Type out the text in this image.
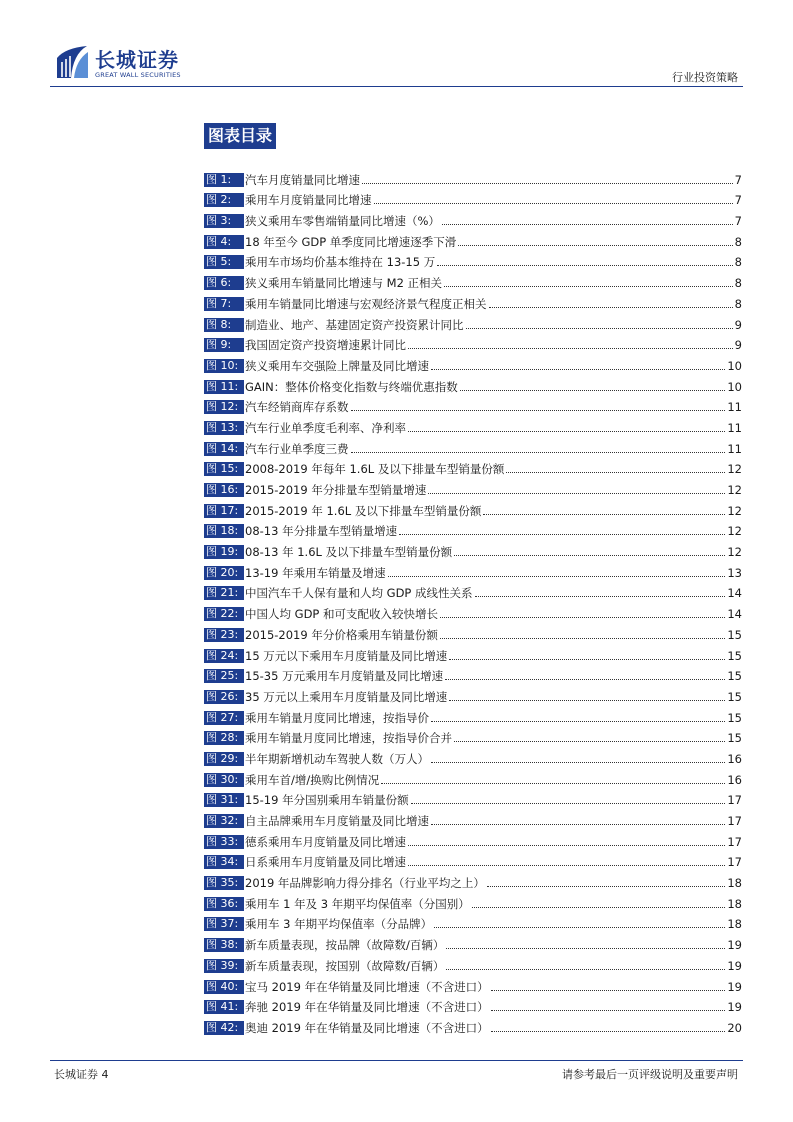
长城证券
GREAT WALL SECURITIES	行业投资策略
图表目录
图 1:	汽车月度销量同比增速	7
图 2:	乘用车月度销量同比增速	7
图 3:	狭义乘用车零售端销量同比增速（%）	7
图 4:	18 年至今 GDP 单季度同比增速逐季下滑	8
图 5:	乘用车市场均价基本维持在 13-15 万	8
图 6:	狭义乘用车销量同比增速与 M2 正相关	8
图 7:	乘用车销量同比增速与宏观经济景气程度正相关	8
图 8:	制造业、地产、基建固定资产投资累计同比	9
图 9:	我国固定资产投资增速累计同比	9
图 10: 狭义乘用车交强险上牌量及同比增速	10
图 11: GAIN：整体价格变化指数与终端优惠指数	10
图 12: 汽车经销商库存系数	11
图 13: 汽车行业单季度毛利率、净利率	11
图 14: 汽车行业单季度三费	11
图 15: 2008-2019 年每年 1.6L 及以下排量车型销量份额	12
图 16: 2015-2019 年分排量车型销量增速	12
图 17: 2015-2019 年 1.6L 及以下排量车型销量份额	12
图 18: 08-13 年分排量车型销量增速	12
图 19: 08-13 年 1.6L 及以下排量车型销量份额	12
图 20: 13-19 年乘用车销量及增速	13
图 21: 中国汽车千人保有量和人均 GDP 成线性关系	14
图 22: 中国人均 GDP 和可支配收入较快增长	14
图 23: 2015-2019 年分价格乘用车销量份额	15
图 24: 15 万元以下乘用车月度销量及同比增速	15
图 25: 15-35 万元乘用车月度销量及同比增速	15
图 26: 35 万元以上乘用车月度销量及同比增速	15
图 27: 乘用车销量月度同比增速，按指导价	15
图 28: 乘用车销量月度同比增速，按指导价合并	15
图 29: 半年期新增机动车驾驶人数（万人）	16
图 30: 乘用车首/增/换购比例情况	16
图 31: 15-19 年分国别乘用车销量份额	17
图 32: 自主品牌乘用车月度销量及同比增速	17
图 33: 德系乘用车月度销量及同比增速	17
图 34: 日系乘用车月度销量及同比增速	17
图 35: 2019 年品牌影响力得分排名（行业平均之上）	18
图 36: 乘用车 1 年及 3 年期平均保值率（分国别）	18
图 37: 乘用车 3 年期平均保值率（分品牌）	18
图 38: 新车质量表现，按品牌（故障数/百辆）	19
图 39: 新车质量表现，按国别（故障数/百辆）	19
图 40: 宝马 2019 年在华销量及同比增速（不含进口）	19
图 41: 奔驰 2019 年在华销量及同比增速（不含进口）	19
图 42: 奥迪 2019 年在华销量及同比增速（不含进口）	20
长城证券 4	请参考最后一页评级说明及重要声明
